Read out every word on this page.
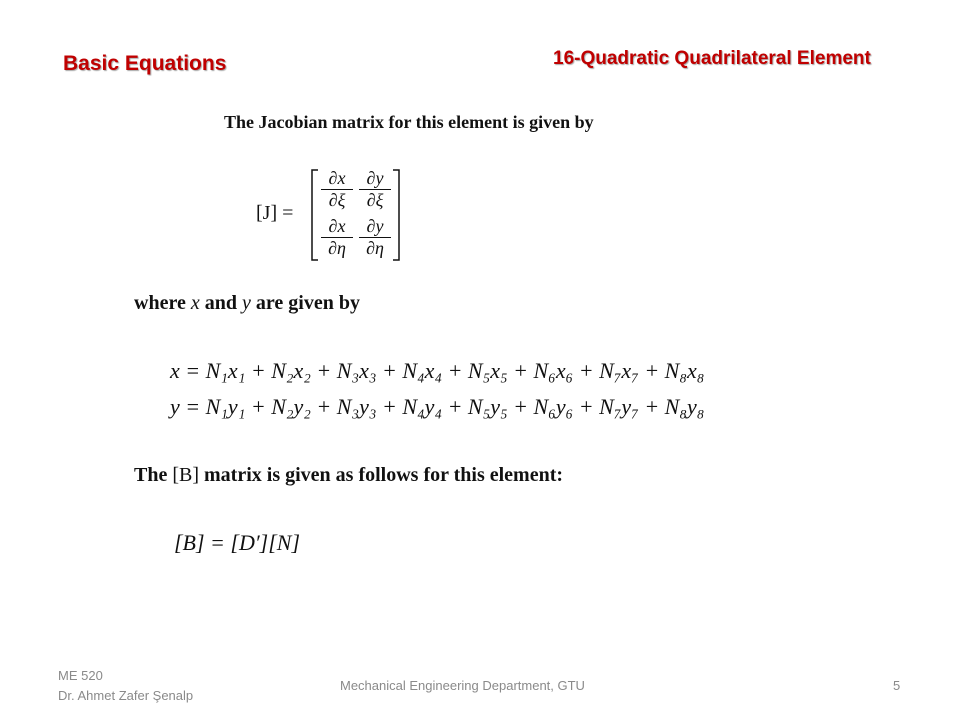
Basic Equations	16-Quadratic Quadrilateral Element
The Jacobian matrix for this element is given by
[J] =
$\frac{\partial x}{\partial\xi} \frac{\partial y}{\partial\xi}$
$\frac{\partial x}{\partial\eta} \frac{\partial y}{\partial\eta}$
where x and y are given by
x = N₁x₁ + N₂x₂ + N₃x₃ + N₄x₄ + N₅x₅ + N₆x₆ + N₇x₇ + N₈x₈
y = N₁y₁ + N₂y₂ + N₃y₃ + N₄y₄ + N₅y₅ + N₆y₆ + N₇y₇ + N₈y₈
The [B] matrix is given as follows for this element:
[B] = [D′][N]
ME 520
Dr. Ahmet Zafer Şenalp
Mechanical Engineering Department, GTU	5
